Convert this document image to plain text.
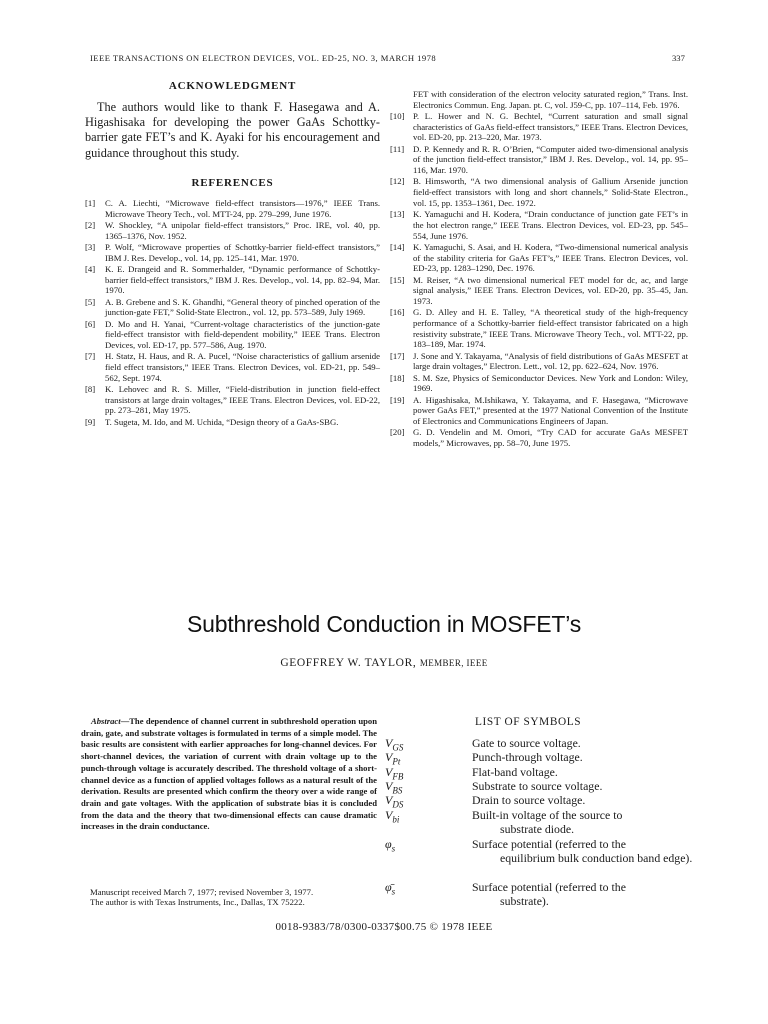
IEEE TRANSACTIONS ON ELECTRON DEVICES, VOL. ED-25, NO. 3, MARCH 1978	337
ACKNOWLEDGMENT

The authors would like to thank F. Hasegawa and A. Higashisaka for developing the power GaAs Schottky-barrier gate FET’s and K. Ayaki for his encouragement and guidance throughout this study.

REFERENCES
[1]	C. A. Liechti, “Microwave field-effect transistors—1976,” IEEE Trans. Microwave Theory Tech., vol. MTT-24, pp. 279–299, June 1976.
[2]	W. Shockley, “A unipolar field-effect transistors,” Proc. IRE, vol. 40, pp. 1365–1376, Nov. 1952.
[3]	P. Wolf, “Microwave properties of Schottky-barrier field-effect transistors,” IBM J. Res. Develop., vol. 14, pp. 125–141, Mar. 1970.
[4]	K. E. Drangeid and R. Sommerhalder, “Dynamic performance of Schottky-barrier field-effect transistors,” IBM J. Res. Develop., vol. 14, pp. 82–94, Mar. 1970.
[5]	A. B. Grebene and S. K. Ghandhi, “General theory of pinched operation of the junction-gate FET,” Solid-State Electron., vol. 12, pp. 573–589, July 1969.
[6]	D. Mo and H. Yanai, “Current-voltage characteristics of the junction-gate field-effect transistor with field-dependent mobility,” IEEE Trans. Electron Devices, vol. ED-17, pp. 577–586, Aug. 1970.
[7]	H. Statz, H. Haus, and R. A. Pucel, “Noise characteristics of gallium arsenide field effect transistors,” IEEE Trans. Electron Devices, vol. ED-21, pp. 549–562, Sept. 1974.
[8]	K. Lehovec and R. S. Miller, “Field-distribution in junction field-effect transistors at large drain voltages,” IEEE Trans. Electron Devices, vol. ED-22, pp. 273–281, May 1975.
[9]	T. Sugeta, M. Ido, and M. Uchida, “Design theory of a GaAs-SBG.
FET with consideration of the electron velocity saturated region,” Trans. Inst. Electronics Commun. Eng. Japan. pt. C, vol. J59-C, pp. 107–114, Feb. 1976.
[10] P. L. Hower and N. G. Bechtel, “Current saturation and small signal characteristics of GaAs field-effect transistors,” IEEE Trans. Electron Devices, vol. ED-20, pp. 213–220, Mar. 1973.
[11]	D. P. Kennedy and R. R. O’Brien, “Computer aided two-dimensional analysis of the junction field-effect transistor,” IBM J. Res. Develop., vol. 14, pp. 95–116, Mar. 1970.
[12] B. Himsworth, “A two dimensional analysis of Gallium Arsenide junction field-effect transistors with long and short channels,” Solid-State Electron., vol. 15, pp. 1353–1361, Dec. 1972.
[13] K. Yamaguchi and H. Kodera, “Drain conductance of junction gate FET’s in the hot electron range,” IEEE Trans. Electron Devices, vol. ED-23, pp. 545–554, June 1976.
[14] K. Yamaguchi, S. Asai, and H. Kodera, “Two-dimensional numerical analysis of the stability criteria for GaAs FET’s,” IEEE Trans. Electron Devices, vol. ED-23, pp. 1283–1290, Dec. 1976.
[15] M. Reiser, “A two dimensional numerical FET model for dc, ac, and large signal analysis,” IEEE Trans. Electron Devices, vol. ED-20, pp. 35–45, Jan. 1973.
[16] G. D. Alley and H. E. Talley, “A theoretical study of the high-frequency performance of a Schottky-barrier field-effect transistor fabricated on a high resistivity substrate,” IEEE Trans. Microwave Theory Tech., vol. MTT-22, pp. 183–189, Mar. 1974.
[17] J. Sone and Y. Takayama, “Analysis of field distributions of GaAs MESFET at large drain voltages,” Electron. Lett., vol. 12, pp. 622–624, Nov. 1976.
[18] S. M. Sze, Physics of Semiconductor Devices. New York and London: Wiley, 1969.
[19] A. Higashisaka, M.Ishikawa, Y. Takayama, and F. Hasegawa, “Microwave power GaAs FET,” presented at the 1977 National Convention of the Institute of Electronics and Communications Engineers of Japan.
[20] G. D. Vendelin and M. Omori, “Try CAD for accurate GaAs MESFET models,” Microwaves, pp. 58–70, June 1975.
Subthreshold Conduction in MOSFET’s
GEOFFREY W. TAYLOR, MEMBER, IEEE

Abstract—The dependence of channel current in subthreshold operation upon drain, gate, and substrate voltages is formulated in terms of a simple model. The basic results are consistent with earlier approaches for long-channel devices. For short-channel devices, the variation of current with drain voltage up to the punch-through voltage is accurately described. The threshold voltage of a short-channel device as a function of applied voltages follows as a natural result of the derivation. Results are presented which confirm the theory over a wide range of drain and gate voltages. With the application of substrate bias it is concluded from the data and the theory that two-dimensional effects can cause dramatic increases in the drain conductance.

Manuscript received March 7, 1977; revised November 3, 1977.
The author is with Texas Instruments, Inc., Dallas, TX 75222.
LIST OF SYMBOLS
$V_{GS}$	Gate to source voltage.
$V_{Pt}$	Punch-through voltage.
$V_{FB}$	Flat-band voltage.
$V_{BS}$	Substrate to source voltage.
$V_{DS}$	Drain to source voltage.
$V_{bi}$	Built-in voltage of the source to
substrate diode.
$\varphi_s$	Surface potential (referred to the
equilibrium bulk conduction band edge).
$\varphī_s$	Surface potential (referred to the
substrate).
0018-9383/78/0300-0337$00.75 © 1978 IEEE
